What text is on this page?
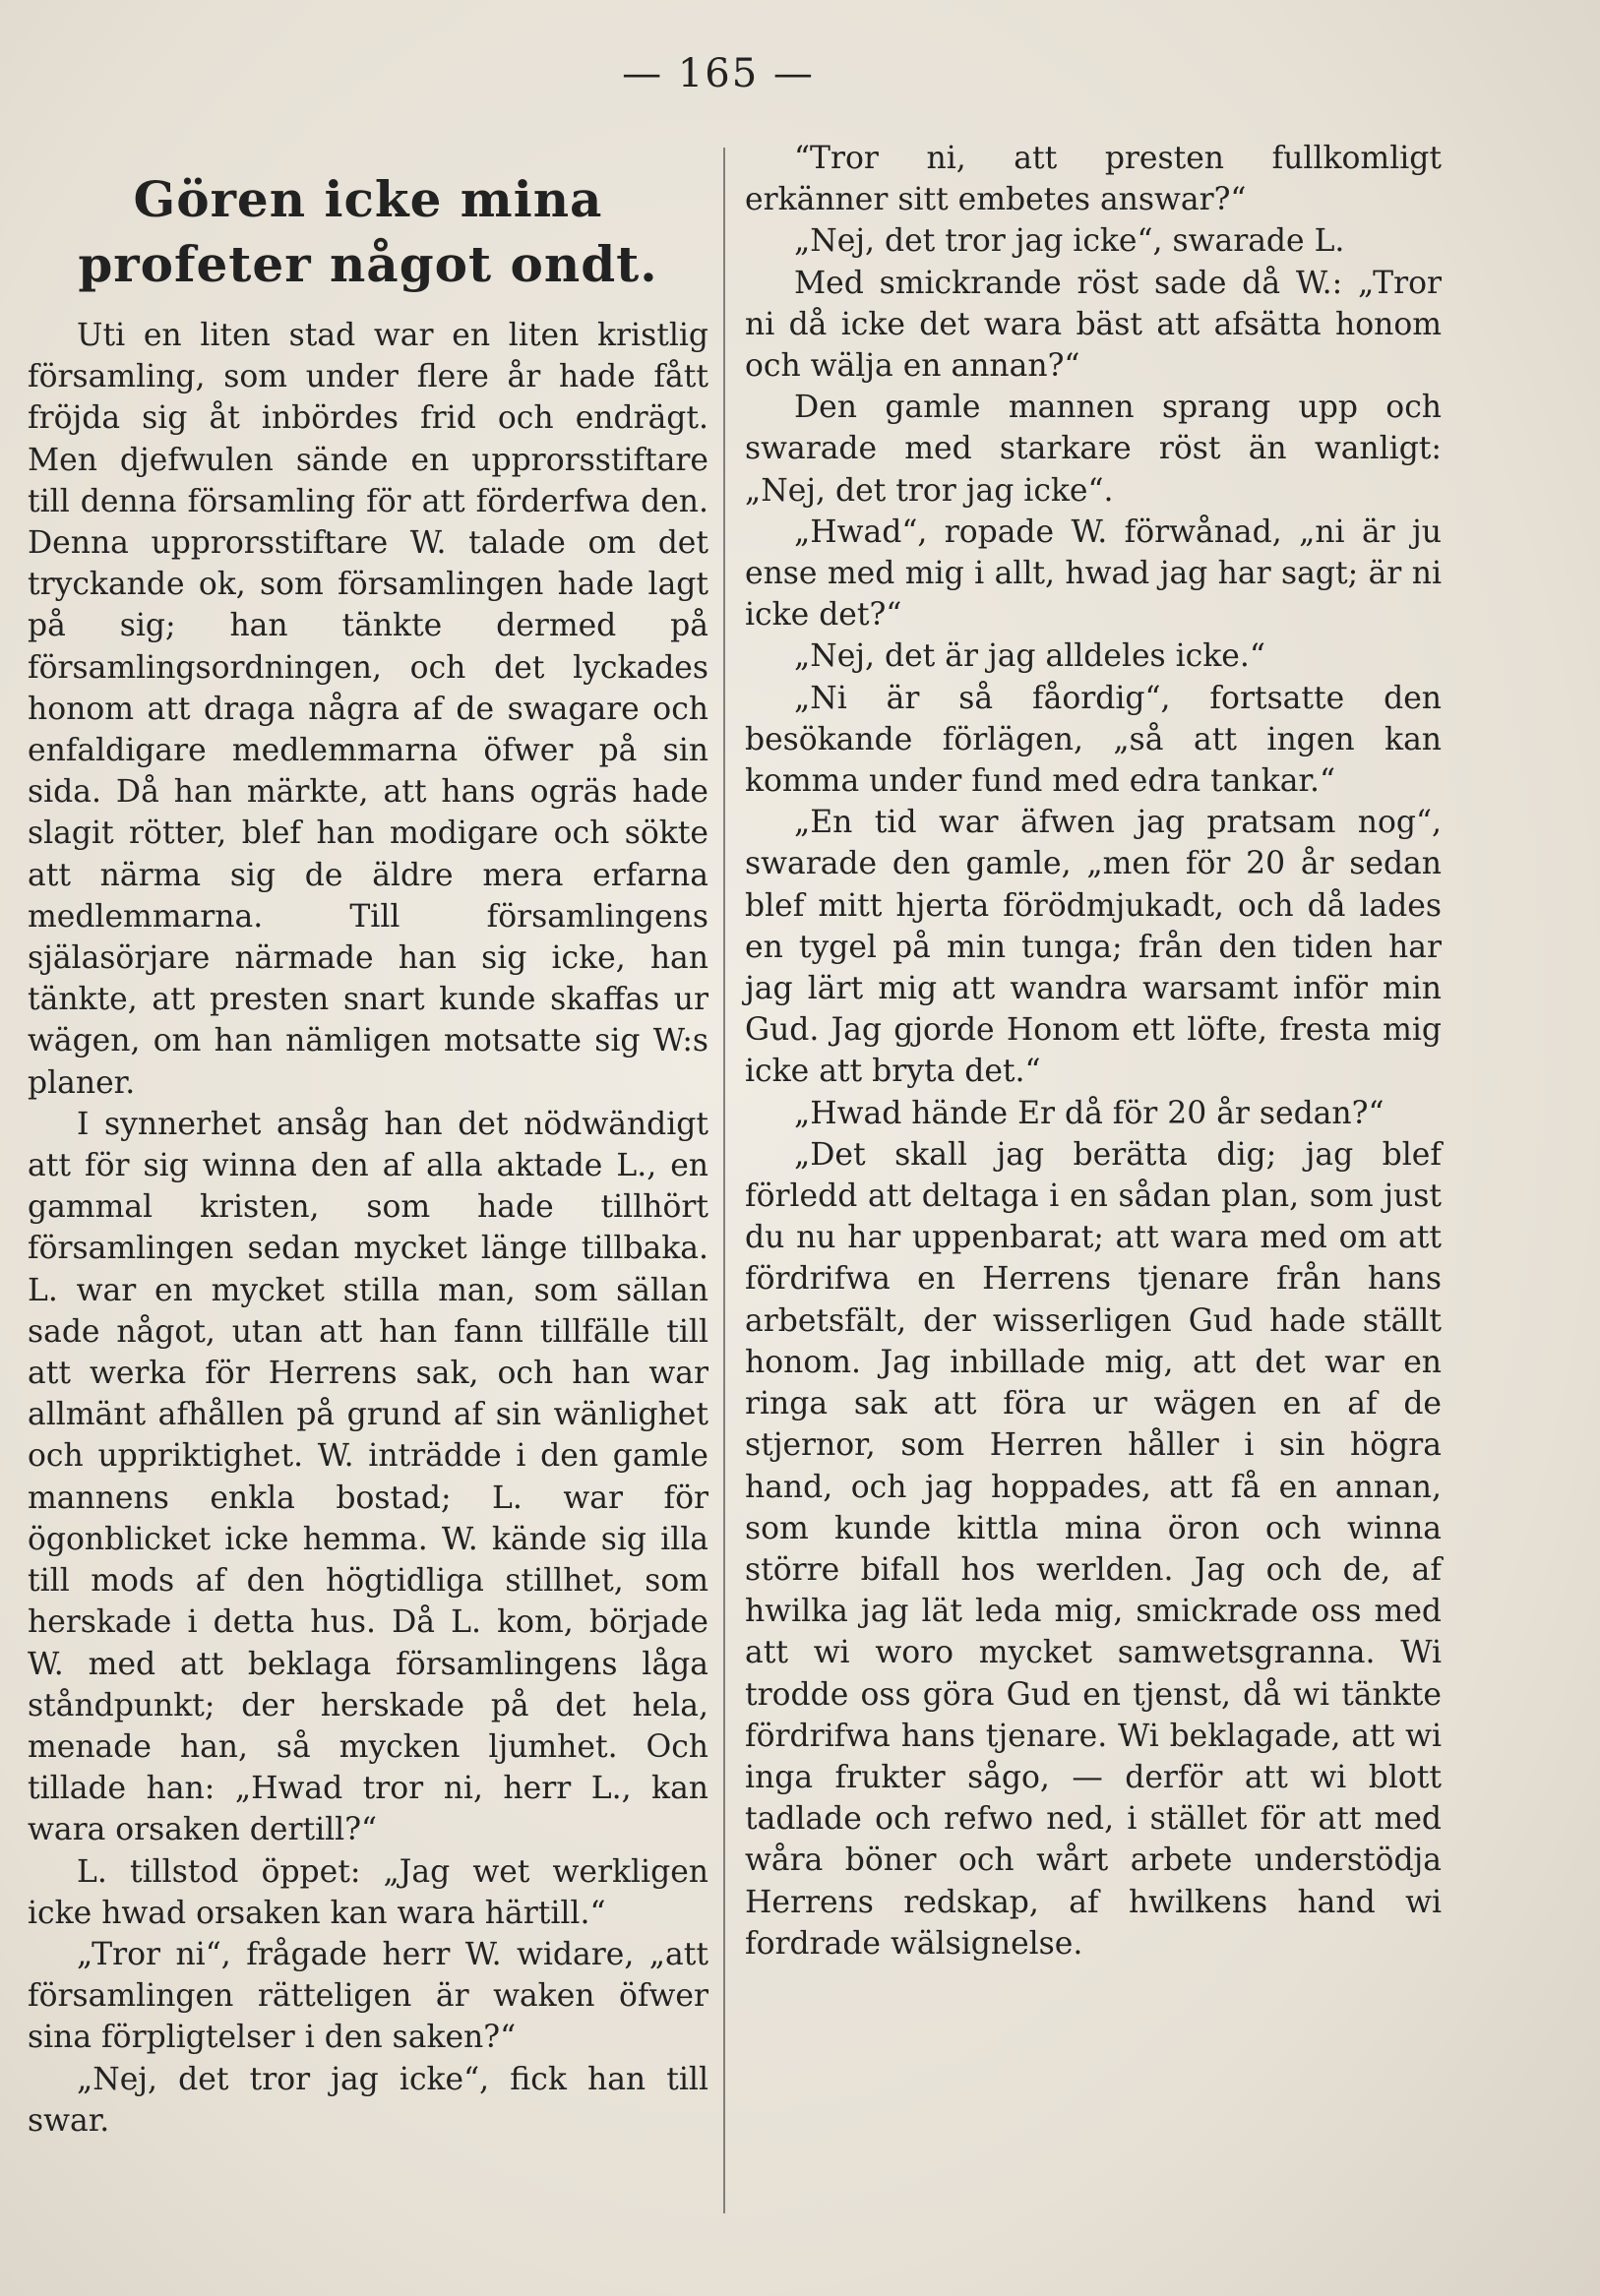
— 165 —
Gören icke mina profeter något ondt.

Uti en liten stad war en liten kristlig församling, som under flere år hade fått fröjda sig åt inbördes frid och endrägt. Men djefwulen sände en upprorsstiftare till denna församling för att förderfwa den. Denna upprorsstiftare W. talade om det tryckande ok, som församlingen hade lagt på sig; han tänkte dermed på församlingsordningen, och det lyckades honom att draga några af de swagare och enfaldigare medlemmarna öfwer på sin sida. Då han märkte, att hans ogräs hade slagit rötter, blef han modigare och sökte att närma sig de äldre mera erfarna medlemmarna. Till församlingens själasörjare närmade han sig icke, han tänkte, att presten snart kunde skaffas ur wägen, om han nämligen motsatte sig W:s planer.

I synnerhet ansåg han det nödwändigt att för sig winna den af alla aktade L., en gammal kristen, som hade tillhört församlingen sedan mycket länge tillbaka. L. war en mycket stilla man, som sällan sade något, utan att han fann tillfälle till att werka för Herrens sak, och han war allmänt afhållen på grund af sin wänlighet och uppriktighet. W. inträdde i den gamle mannens enkla bostad; L. war för ögonblicket icke hemma. W. kände sig illa till mods af den högtidliga stillhet, som herskade i detta hus. Då L. kom, började W. med att beklaga församlingens låga ståndpunkt; der herskade på det hela, menade han, så mycken ljumhet. Och tillade han: „Hwad tror ni, herr L., kan wara orsaken dertill?“

L. tillstod öppet: „Jag wet werkligen icke hwad orsaken kan wara härtill.“

„Tror ni“, frågade herr W. widare, „att församlingen rätteligen är waken öfwer sina förpligtelser i den saken?“

„Nej, det tror jag icke“, fick han till swar.

“Tror ni, att presten fullkomligt erkänner sitt embetes answar?“

„Nej, det tror jag icke“, swarade L.

Med smickrande röst sade då W.: „Tror ni då icke det wara bäst att afsätta honom och wälja en annan?“

Den gamle mannen sprang upp och swarade med starkare röst än wanligt: „Nej, det tror jag icke“.

„Hwad“, ropade W. förwånad, „ni är ju ense med mig i allt, hwad jag har sagt; är ni icke det?“

„Nej, det är jag alldeles icke.“

„Ni är så fåordig“, fortsatte den besökande förlägen, „så att ingen kan komma under fund med edra tankar.“

„En tid war äfwen jag pratsam nog“, swarade den gamle, „men för 20 år sedan blef mitt hjerta förödmjukadt, och då lades en tygel på min tunga; från den tiden har jag lärt mig att wandra warsamt inför min Gud. Jag gjorde Honom ett löfte, fresta mig icke att bryta det.“

„Hwad hände Er då för 20 år sedan?“

„Det skall jag berätta dig; jag blef förledd att deltaga i en sådan plan, som just du nu har uppenbarat; att wara med om att fördrifwa en Herrens tjenare från hans arbetsfält, der wisserligen Gud hade ställt honom. Jag inbillade mig, att det war en ringa sak att föra ur wägen en af de stjernor, som Herren håller i sin högra hand, och jag hoppades, att få en annan, som kunde kittla mina öron och winna större bifall hos werlden. Jag och de, af hwilka jag lät leda mig, smickrade oss med att wi woro mycket samwetsgranna. Wi trodde oss göra Gud en tjenst, då wi tänkte fördrifwa hans tjenare. Wi beklagade, att wi inga frukter sågo, — derför att wi blott tadlade och refwo ned, i stället för att med wåra böner och wårt arbete understödja Herrens redskap, af hwilkens hand wi fordrade wälsignelse.
